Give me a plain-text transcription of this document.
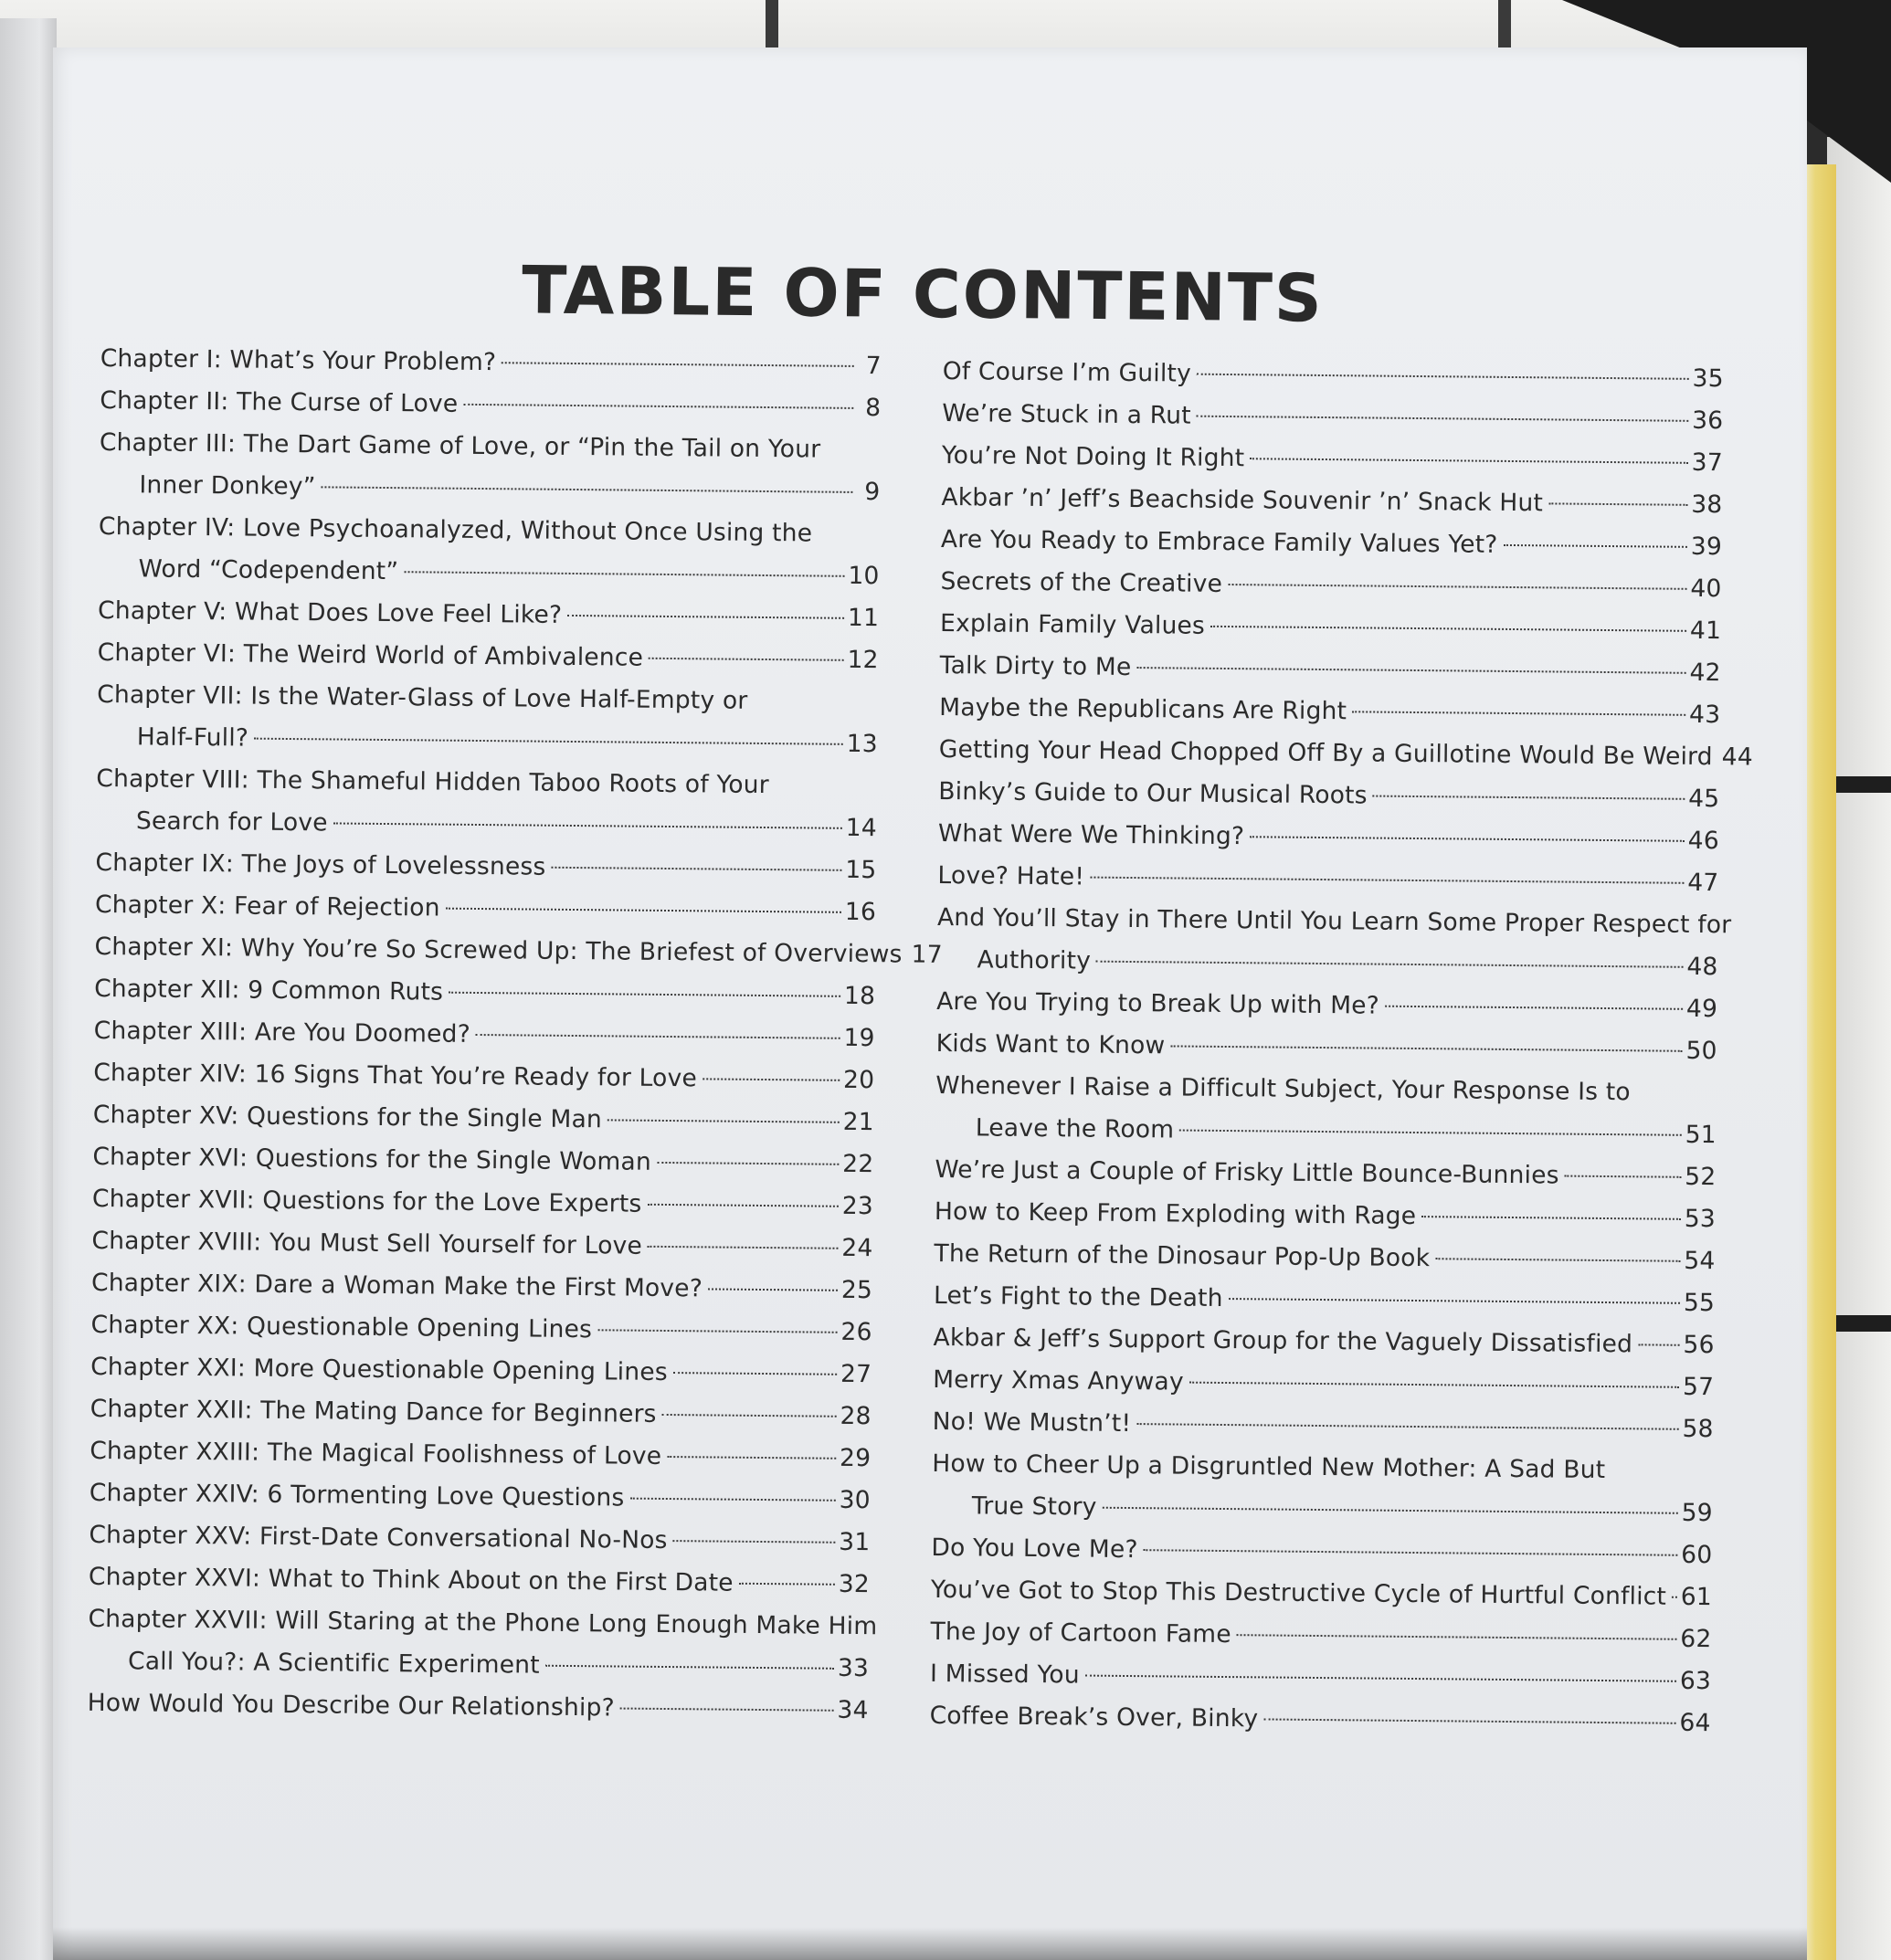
TABLE OF CONTENTS
Chapter I: What’s Your Problem?	7
Chapter II: The Curse of Love	8
Chapter III: The Dart Game of Love, or “Pin the Tail on Your
Inner Donkey”	9
Chapter IV: Love Psychoanalyzed, Without Once Using the
Word “Codependent”	10
Chapter V: What Does Love Feel Like?	11
Chapter VI: The Weird World of Ambivalence	12
Chapter VII: Is the Water-Glass of Love Half-Empty or
Half-Full?	13
Chapter VIII: The Shameful Hidden Taboo Roots of Your
Search for Love	14
Chapter IX: The Joys of Lovelessness	15
Chapter X: Fear of Rejection	16
Chapter XI: Why You’re So Screwed Up: The Briefest of Overviews 17
Chapter XII: 9 Common Ruts	18
Chapter XIII: Are You Doomed?	19
Chapter XIV: 16 Signs That You’re Ready for Love	20
Chapter XV: Questions for the Single Man	21
Chapter XVI: Questions for the Single Woman	22
Chapter XVII: Questions for the Love Experts	23
Chapter XVIII: You Must Sell Yourself for Love	24
Chapter XIX: Dare a Woman Make the First Move?	25
Chapter XX: Questionable Opening Lines	26
Chapter XXI: More Questionable Opening Lines	27
Chapter XXII: The Mating Dance for Beginners	28
Chapter XXIII: The Magical Foolishness of Love	29
Chapter XXIV: 6 Tormenting Love Questions	30
Chapter XXV: First-Date Conversational No-Nos	31
Chapter XXVI: What to Think About on the First Date	32
Chapter XXVII: Will Staring at the Phone Long Enough Make Him
Call You?: A Scientific Experiment	33
How Would You Describe Our Relationship?	34
Of Course I’m Guilty	35
We’re Stuck in a Rut	36
You’re Not Doing It Right	37
Akbar ’n’ Jeff’s Beachside Souvenir ’n’ Snack Hut	38
Are You Ready to Embrace Family Values Yet?	39
Secrets of the Creative	40
Explain Family Values	41
Talk Dirty to Me	42
Maybe the Republicans Are Right	43
Getting Your Head Chopped Off By a Guillotine Would Be Weird 44
Binky’s Guide to Our Musical Roots	45
What Were We Thinking?	46
Love? Hate!	47
And You’ll Stay in There Until You Learn Some Proper Respect for
Authority	48
Are You Trying to Break Up with Me?	49
Kids Want to Know	50
Whenever I Raise a Difficult Subject, Your Response Is to
Leave the Room	51
We’re Just a Couple of Frisky Little Bounce-Bunnies	52
How to Keep From Exploding with Rage	53
The Return of the Dinosaur Pop-Up Book	54
Let’s Fight to the Death	55
Akbar & Jeff’s Support Group for the Vaguely Dissatisfied 56
Merry Xmas Anyway	57
No! We Mustn’t!	58
How to Cheer Up a Disgruntled New Mother: A Sad But
True Story	59
Do You Love Me?	60
You’ve Got to Stop This Destructive Cycle of Hurtful Conflict 61
The Joy of Cartoon Fame	62
I Missed You	63
Coffee Break’s Over, Binky	64
